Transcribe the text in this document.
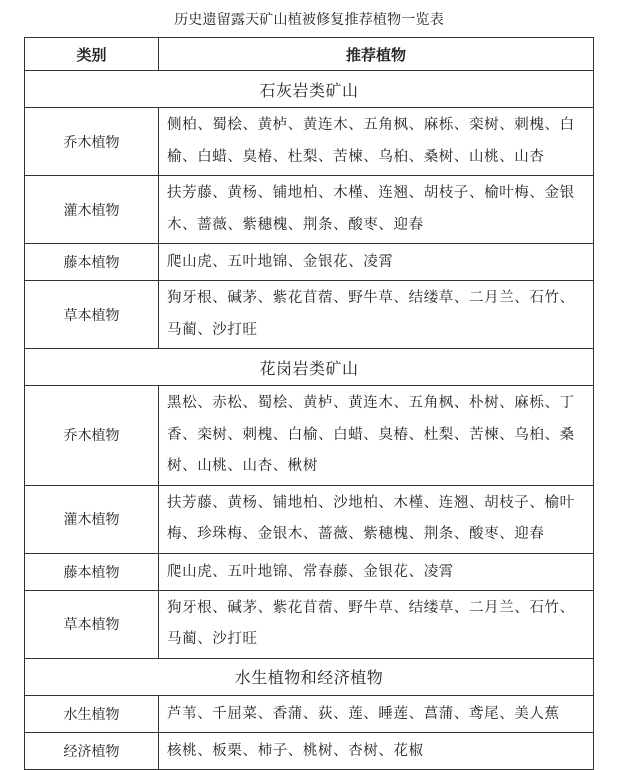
历史遗留露天矿山植被修复推荐植物一览表
类别	推荐植物
石灰岩类矿山	
乔木植物	侧柏、蜀桧、黄栌、黄连木、五角枫、麻栎、栾树、刺槐、白榆、白蜡、臭椿、杜梨、苦楝、乌桕、桑树、山桃、山杏
灌木植物	扶芳藤、黄杨、铺地柏、木槿、连翘、胡枝子、榆叶梅、金银木、蔷薇、紫穗槐、荆条、酸枣、迎春
藤本植物	爬山虎、五叶地锦、金银花、凌霄
草本植物	狗牙根、碱茅、紫花苜蓿、野牛草、结缕草、二月兰、石竹、马蔺、沙打旺
花岗岩类矿山	
乔木植物	黑松、赤松、蜀桧、黄栌、黄连木、五角枫、朴树、麻栎、丁香、栾树、刺槐、白榆、白蜡、臭椿、杜梨、苦楝、乌桕、桑树、山桃、山杏、楸树
灌木植物	扶芳藤、黄杨、铺地柏、沙地柏、木槿、连翘、胡枝子、榆叶梅、珍珠梅、金银木、蔷薇、紫穗槐、荆条、酸枣、迎春
藤本植物	爬山虎、五叶地锦、常春藤、金银花、凌霄
草本植物	狗牙根、碱茅、紫花苜蓿、野牛草、结缕草、二月兰、石竹、马蔺、沙打旺
水生植物和经济植物	
水生植物	芦苇、千屈菜、香蒲、荻、莲、睡莲、菖蒲、鸢尾、美人蕉
经济植物	核桃、板栗、柿子、桃树、杏树、花椒
